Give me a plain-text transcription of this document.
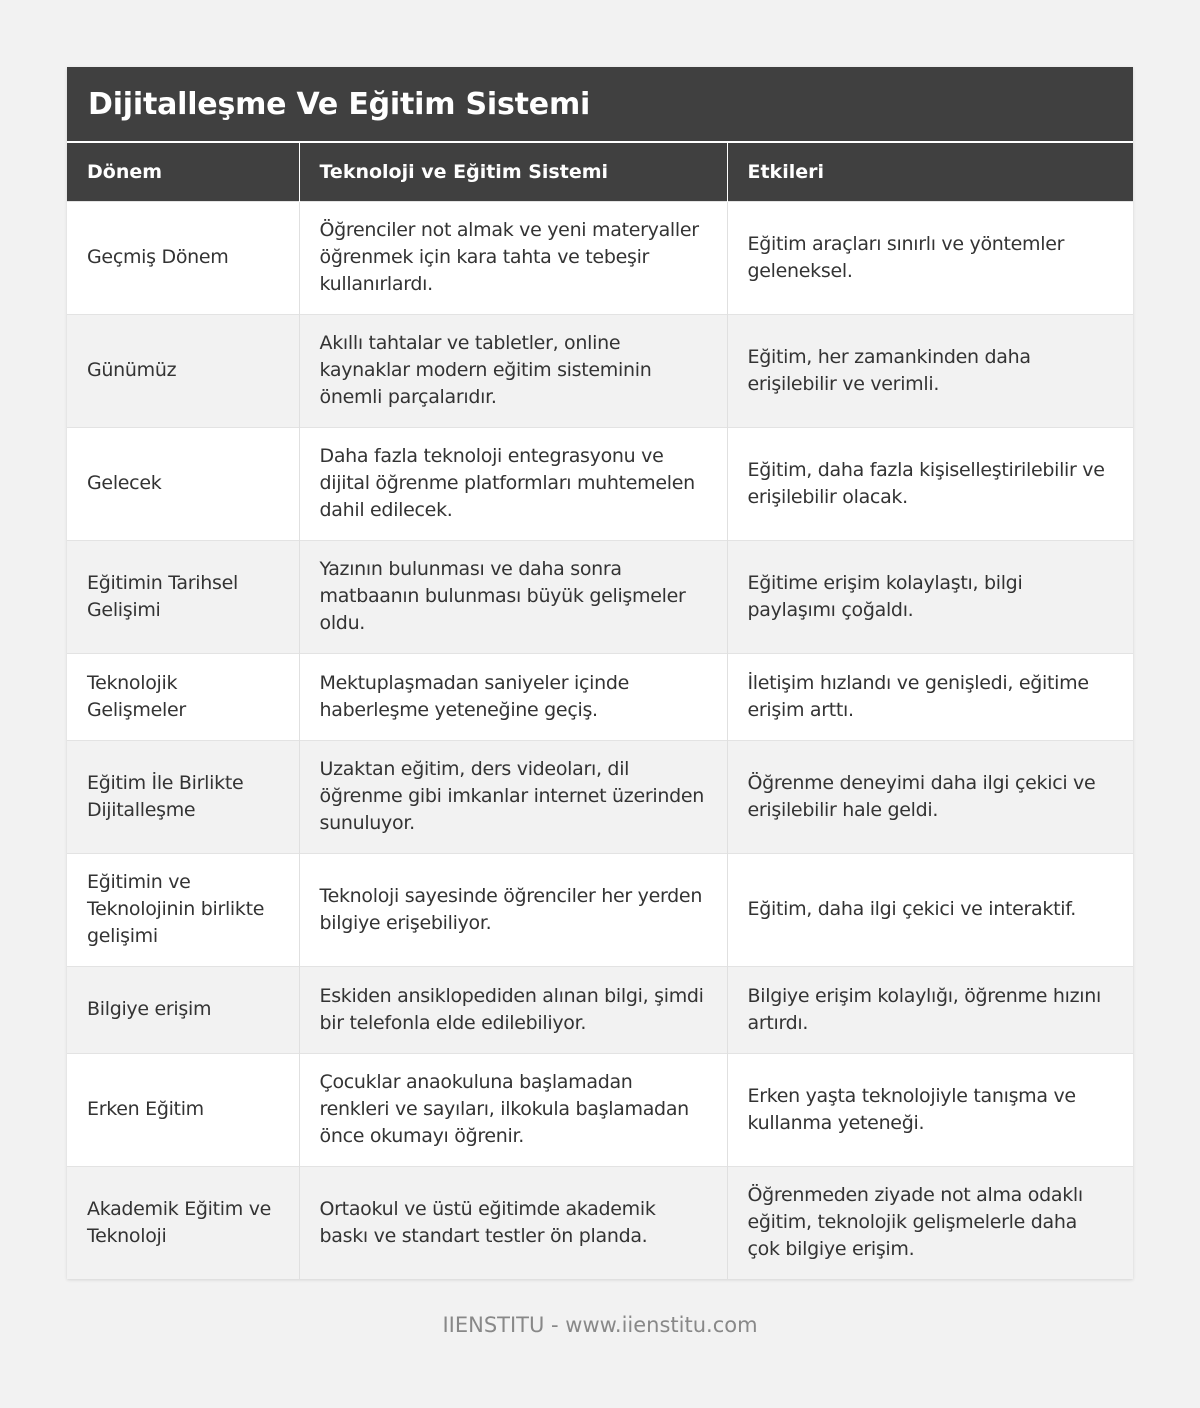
Dijitalleşme Ve Eğitim Sistemi
Dönem	Teknoloji ve Eğitim Sistemi	Etkileri
Geçmiş Dönem	Öğrenciler not almak ve yeni materyaller öğrenmek için kara tahta ve tebeşir kullanırlardı.	Eğitim araçları sınırlı ve yöntemler geleneksel.
Günümüz	Akıllı tahtalar ve tabletler, online kaynaklar modern eğitim sisteminin önemli parçalarıdır.	Eğitim, her zamankinden daha erişilebilir ve verimli.
Gelecek	Daha fazla teknoloji entegrasyonu ve dijital öğrenme platformları muhtemelen dahil edilecek.	Eğitim, daha fazla kişiselleştirilebilir ve erişilebilir olacak.
Eğitimin Tarihsel Gelişimi	Yazının bulunması ve daha sonra matbaanın bulunması büyük gelişmeler oldu.	Eğitime erişim kolaylaştı, bilgi paylaşımı çoğaldı.
Teknolojik Gelişmeler	Mektuplaşmadan saniyeler içinde haberleşme yeteneğine geçiş.	İletişim hızlandı ve genişledi, eğitime erişim arttı.
Eğitim İle Birlikte Dijitalleşme	Uzaktan eğitim, ders videoları, dil öğrenme gibi imkanlar internet üzerinden sunuluyor.	Öğrenme deneyimi daha ilgi çekici ve erişilebilir hale geldi.
Eğitimin ve Teknolojinin birlikte gelişimi	Teknoloji sayesinde öğrenciler her yerden bilgiye erişebiliyor.	Eğitim, daha ilgi çekici ve interaktif.
Bilgiye erişim	Eskiden ansiklopediden alınan bilgi, şimdi bir telefonla elde edilebiliyor.	Bilgiye erişim kolaylığı, öğrenme hızını artırdı.
Erken Eğitim	Çocuklar anaokuluna başlamadan renkleri ve sayıları, ilkokula başlamadan önce okumayı öğrenir.	Erken yaşta teknolojiyle tanışma ve kullanma yeteneği.
Akademik Eğitim ve Teknoloji	Ortaokul ve üstü eğitimde akademik baskı ve standart testler ön planda.	Öğrenmeden ziyade not alma odaklı eğitim, teknolojik gelişmelerle daha çok bilgiye erişim.
IIENSTITU - www.iienstitu.com
